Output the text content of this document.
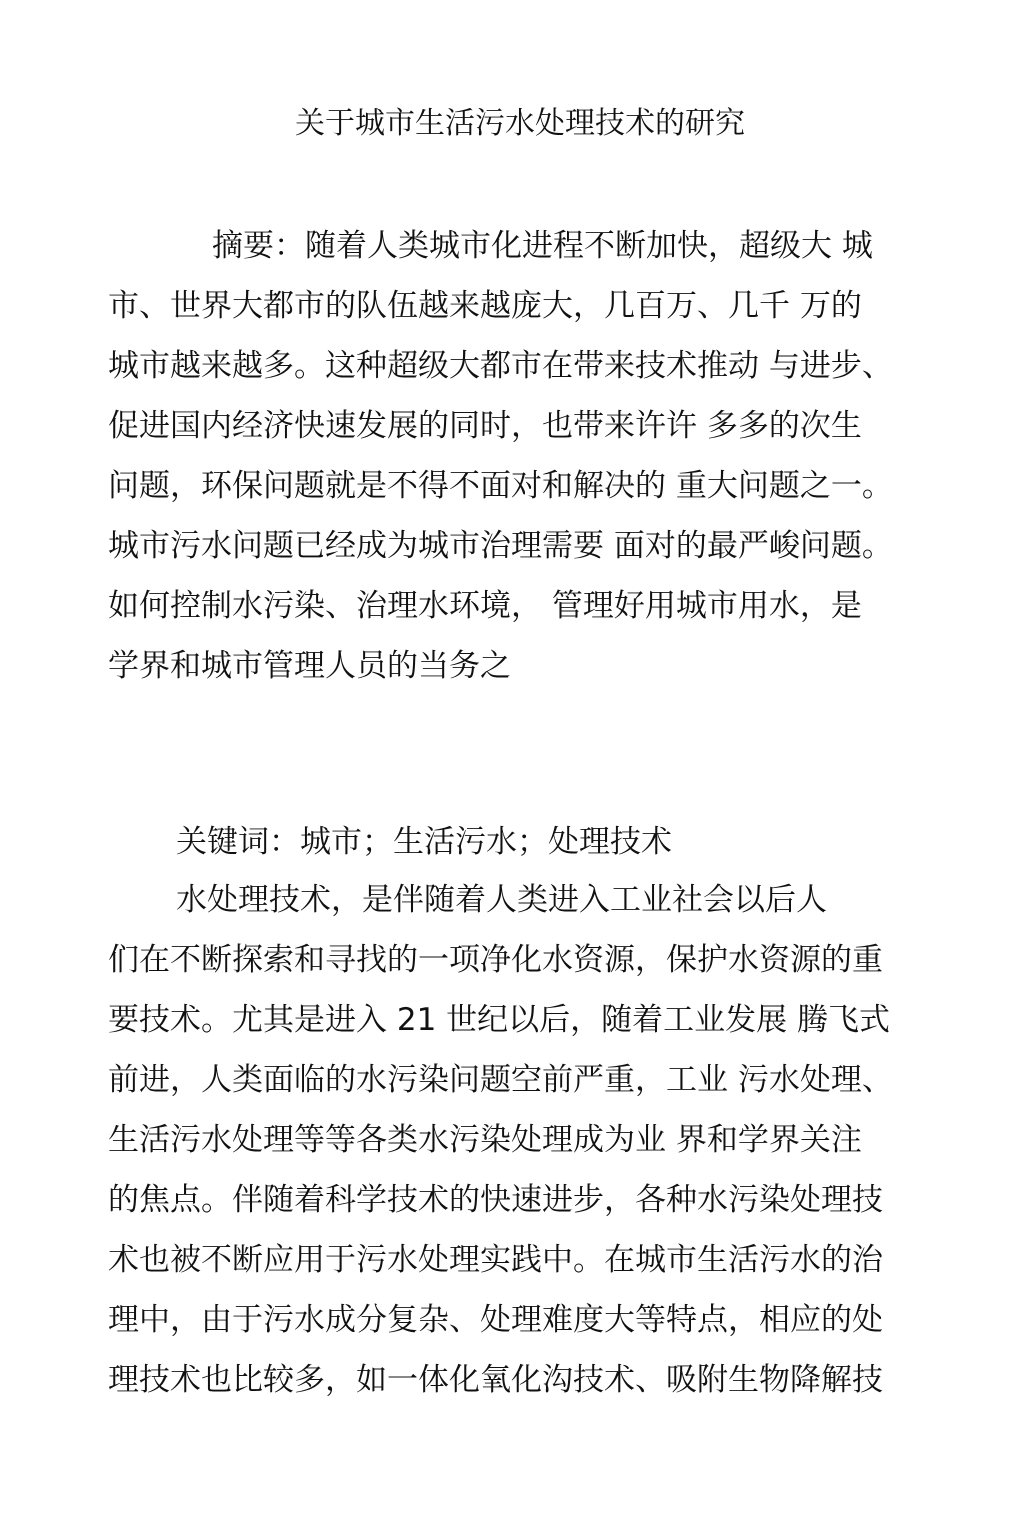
关于城市生活污水处理技术的研究
摘要：随着人类城市化进程不断加快，超级大 城
市、世界大都市的队伍越来越庞大，几百万、几千 万的
城市越来越多。这种超级大都市在带来技术推动 与进步、
促进国内经济快速发展的同时，也带来许许 多多的次生
问题，环保问题就是不得不面对和解决的 重大问题之一。
城市污水问题已经成为城市治理需要 面对的最严峻问题。
如何控制水污染、治理水环境， 管理好用城市用水，是
学界和城市管理人员的当务之
关键词：城市；生活污水；处理技术
水处理技术，是伴随着人类进入工业社会以后人
们在不断探索和寻找的一项净化水资源，保护水资源的重
要技术。尤其是进入 21 世纪以后，随着工业发展 腾飞式
前进，人类面临的水污染问题空前严重，工业 污水处理、
生活污水处理等等各类水污染处理成为业 界和学界关注
的焦点。伴随着科学技术的快速进步，各种水污染处理技
术也被不断应用于污水处理实践中。在城市生活污水的治
理中，由于污水成分复杂、处理难度大等特点，相应的处
理技术也比较多，如一体化氧化沟技术、吸附生物降解技
